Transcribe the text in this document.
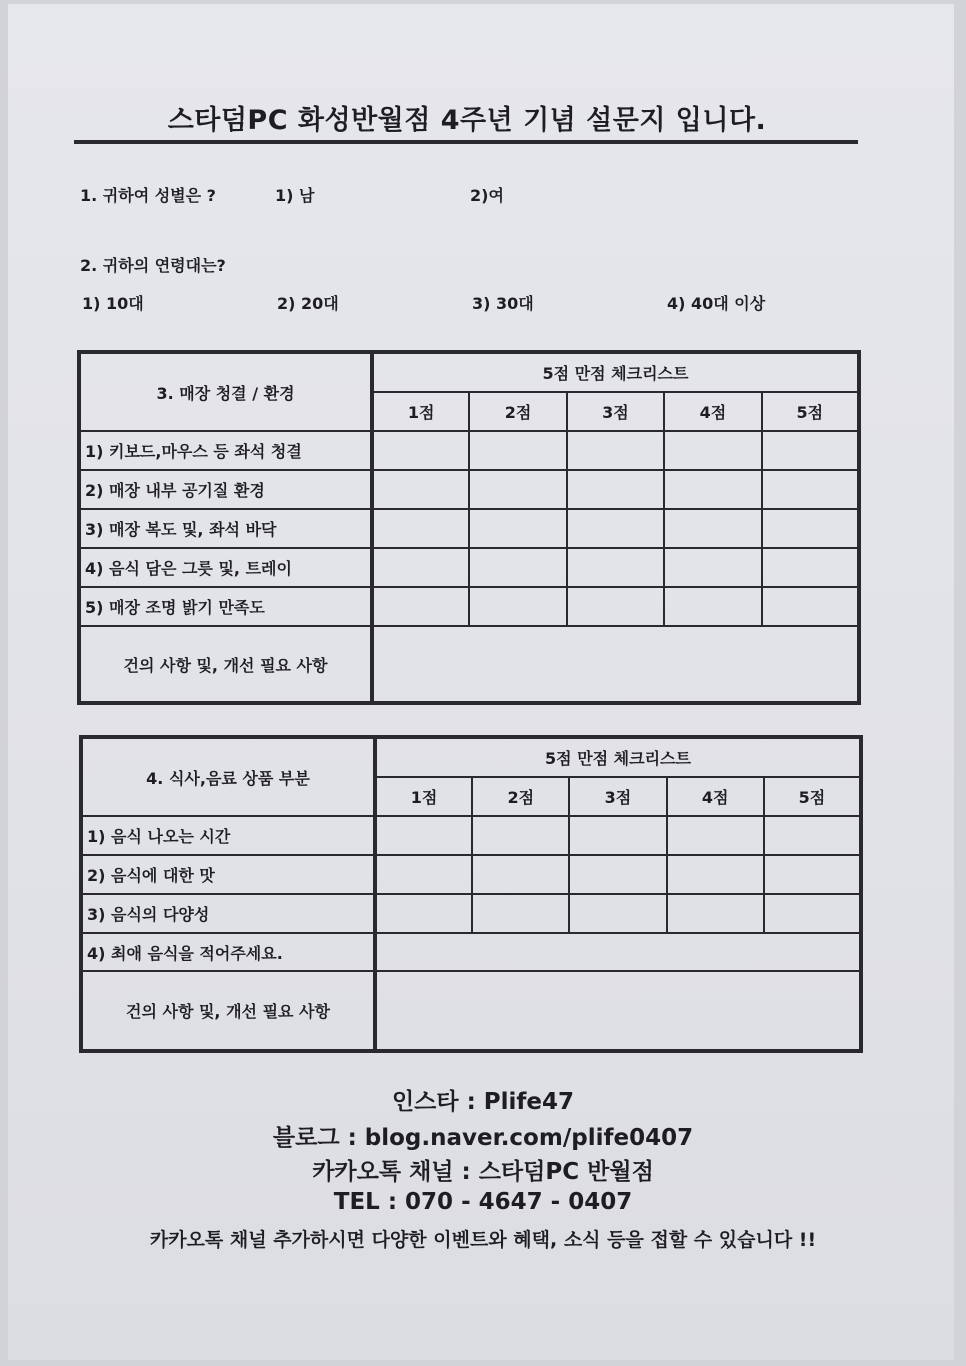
스타덤PC 화성반월점 4주년 기념 설문지 입니다.
1. 귀하여 성별은 ?	1) 남	2)여
2. 귀하의 연령대는?
1) 10대	2) 20대	3) 30대	4) 40대 이상
3. 매장 청결 / 환경	5점 만점 체크리스트				
	1점	2점	3점	4점	5점
1) 키보드,마우스 등 좌석 청결					
2) 매장 내부 공기질 환경					
3) 매장 복도 및, 좌석 바닥					
4) 음식 담은 그릇 및, 트레이					
5) 매장 조명 밝기 만족도					
건의 사항 및, 개선 필요 사항					
4. 식사,음료 상품 부분	5점 만점 체크리스트				
	1점	2점	3점	4점	5점
1) 음식 나오는 시간					
2) 음식에 대한 맛					
3) 음식의 다양성					
4) 최애 음식을 적어주세요.					
건의 사항 및, 개선 필요 사항					
인스타 : Plife47
블로그 : blog.naver.com/plife0407
카카오톡 채널 : 스타덤PC 반월점
TEL : 070 - 4647 - 0407
카카오톡 채널 추가하시면 다양한 이벤트와 혜택, 소식 등을 접할 수 있습니다 !!
